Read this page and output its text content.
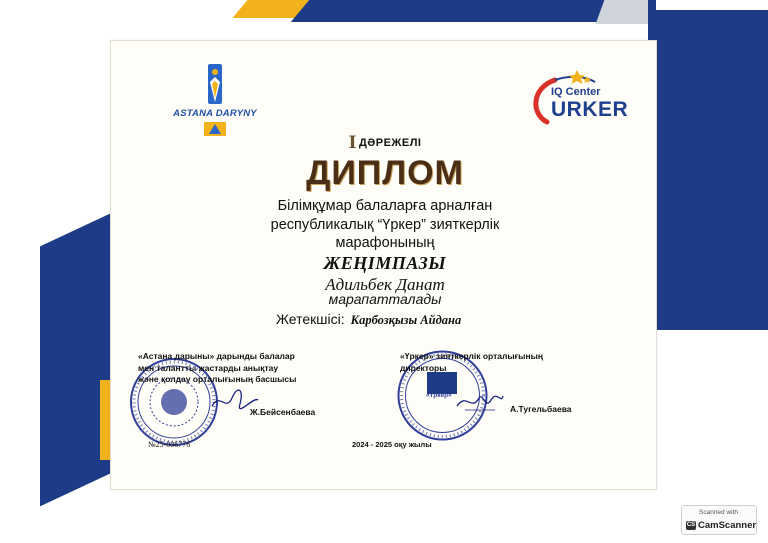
ASTANA DARYNY
IQ Center
URKER
IДӘРЕЖЕЛІ
ДИПЛОМ
Білімқұмар балаларға арналған
республикалық “Үркер” зияткерлік
марафонының
ЖЕҢІМПАЗЫ
Адильбек Данат
марапатталады
Жетекшісі: Карбозқызы Айдана
«Астана дарыны» дарынды балалар
мен талантты жастарды анықтау
және қолдау орталығының басшысы
Ж.Бейсенбаева
«Үркер»
«Үркер» зияткерлік орталығының
директоры
А.Тугельбаева
№25-006776	2024 - 2025 оқу жылы
Scanned with
CS CamScanner
